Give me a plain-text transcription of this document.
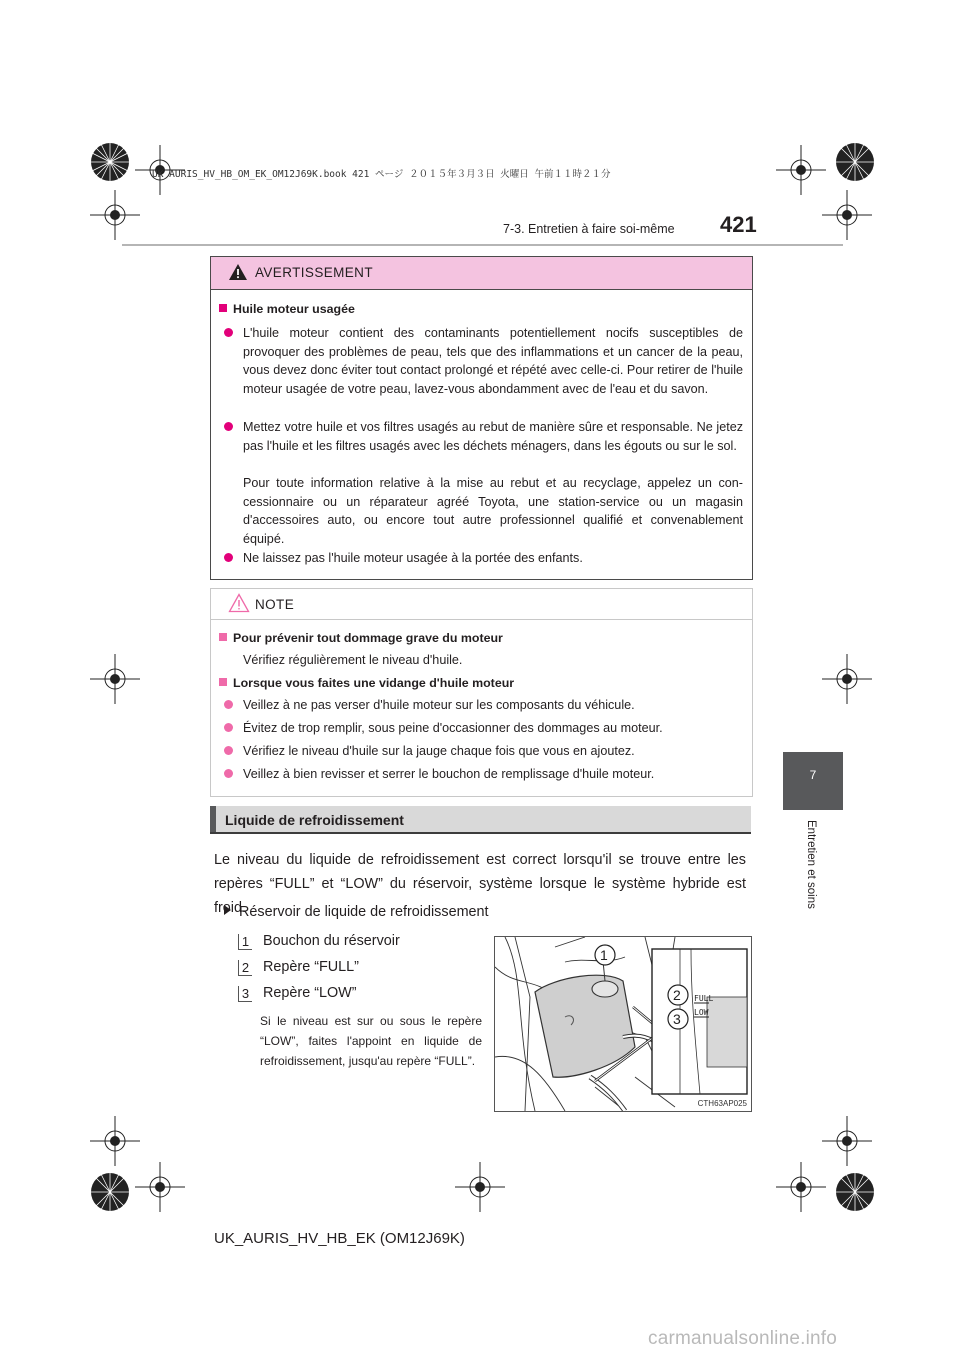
UK AURIS_HV_HB_OM_EK_OM12J69K.book 421 ページ ２０１５年３月３日 火曜日 午前１１時２１分
7-3. Entretien à faire soi-même 421
7
Entretien et soins
AVERTISSEMENT
Huile moteur usagée
L'huile moteur contient des contaminants potentiellement nocifs susceptibles de provoquer des problèmes de peau, tels que des inflammations et un cancer de la peau, vous devez donc éviter tout contact prolongé et répété avec celle-ci. Pour retirer de l'huile moteur usagée de votre peau, lavez-vous abondamment avec de l'eau et du savon.
Mettez votre huile et vos filtres usagés au rebut de manière sûre et responsable. Ne jetez pas l'huile et les filtres usagés avec les déchets ménagers, dans les égouts ou sur le sol.
Pour toute information relative à la mise au rebut et au recyclage, appelez un con-cessionnaire ou un réparateur agréé Toyota, une station-service ou un magasin d'accessoires auto, ou encore tout autre professionnel qualifié et convenablement équipé.
Ne laissez pas l'huile moteur usagée à la portée des enfants.
NOTE
Pour prévenir tout dommage grave du moteur
Vérifiez régulièrement le niveau d'huile.
Lorsque vous faites une vidange d'huile moteur
Veillez à ne pas verser d'huile moteur sur les composants du véhicule.
Évitez de trop remplir, sous peine d'occasionner des dommages au moteur.
Vérifiez le niveau d'huile sur la jauge chaque fois que vous en ajoutez.
Veillez à bien revisser et serrer le bouchon de remplissage d'huile moteur.
Liquide de refroidissement
Le niveau du liquide de refroidissement est correct lorsqu'il se trouve entre les repères “FULL” et “LOW” du réservoir, système lorsque le système hybride est froid.
Réservoir de liquide de refroidissement
1 Bouchon du réservoir
2 Repère “FULL”
3 Repère “LOW”
Si le niveau est sur ou sous le repère “LOW”, faites l'appoint en liquide de refroidissement, jusqu'au repère “FULL”.
FULL
LOW
1
2
3
CTH63AP025
UK_AURIS_HV_HB_EK (OM12J69K)
carmanualsonline.info
